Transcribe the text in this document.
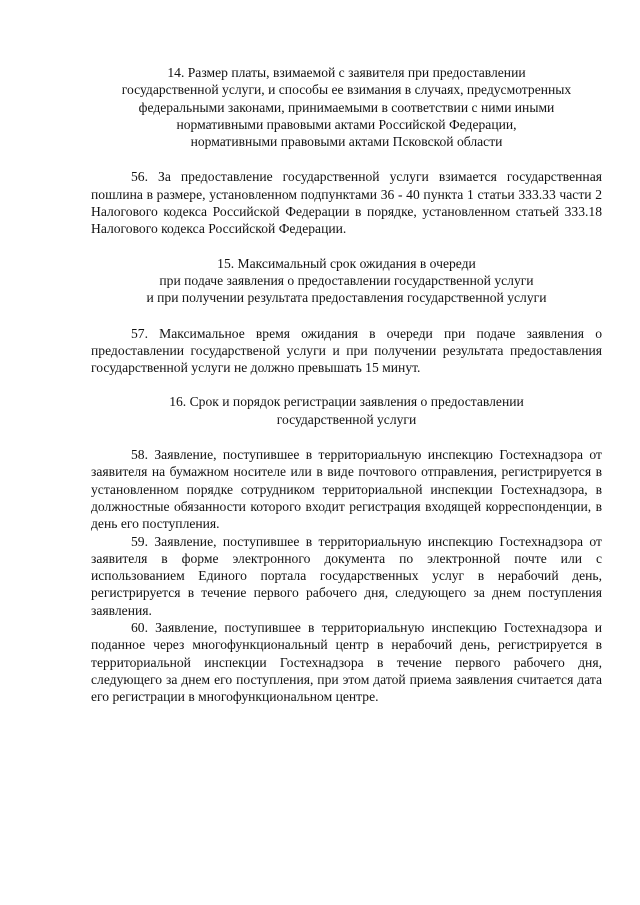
14. Размер платы, взимаемой с заявителя при предоставлении
государственной услуги, и способы ее взимания в случаях, предусмотренных
федеральными законами, принимаемыми в соответствии с ними иными
нормативными правовыми актами Российской Федерации,
нормативными правовыми актами Псковской области

56. За предоставление государственной услуги взимается государственная пошлина в размере, установленном подпунктами 36 - 40 пункта 1 статьи 333.33 части 2 Налогового кодекса Российской Федерации в порядке, установленном статьей 333.18 Налогового кодекса Российской Федерации.

15. Максимальный срок ожидания в очереди
при подаче заявления о предоставлении государственной услуги
и при получении результата предоставления государственной услуги

57. Максимальное время ожидания в очереди при подаче заявления о предоставлении государственой услуги и при получении результата предоставления государственной услуги не должно превышать 15 минут.

16. Срок и порядок регистрации заявления о предоставлении
государственной услуги

58. Заявление, поступившее в территориальную инспекцию Гостехнадзора от заявителя на бумажном носителе или в виде почтового отправления, регистрируется в установленном порядке сотрудником территориальной инспекции Гостехнадзора, в должностные обязанности которого входит регистрация входящей корреспонденции, в день его поступления.

59. Заявление, поступившее в территориальную инспекцию Гостехнадзора от заявителя в форме электронного документа по электронной почте или с использованием Единого портала государственных услуг в нерабочий день, регистрируется в течение первого рабочего дня, следующего за днем поступления заявления.

60. Заявление, поступившее в территориальную инспекцию Гостехнадзора и поданное через многофункциональный центр в нерабочий день, регистрируется в территориальной инспекции Гостехнадзора в течение первого рабочего дня, следующего за днем его поступления, при этом датой приема заявления считается дата его регистрации в многофункциональном центре.
